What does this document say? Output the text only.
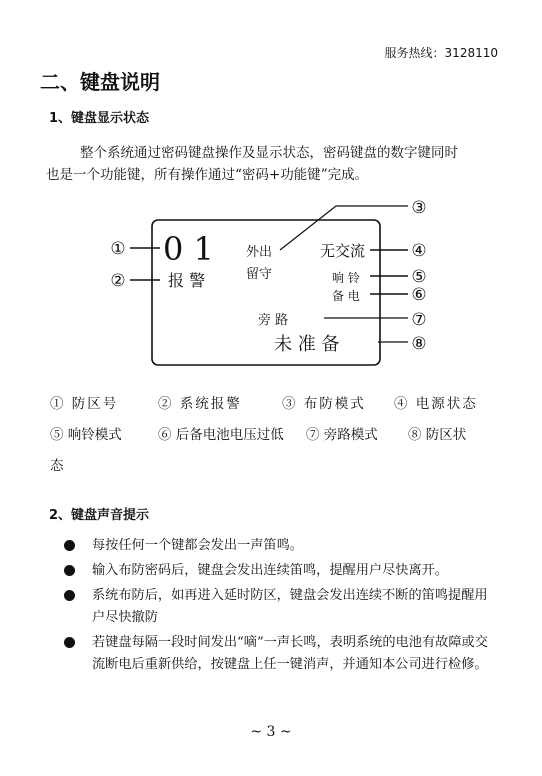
服务热线：3128110
二、键盘说明
1、键盘显示状态

整个系统通过密码键盘操作及显示状态，密码键盘的数字键同时

也是一个功能键，所有操作通过“密码+功能键”完成。

①
②
③
④
⑤
⑥
⑦
⑧
0 1
报 警
外出
留守
无交流
响 铃
备 电
旁 路
未 准 备
① 防区号	② 系统报警	③ 布防模式 ④ 电源状态
⑤ 响铃模式	⑥ 后备电池电压过低 ⑦ 旁路模式 ⑧ 防区状
态
2、键盘声音提示

每按任何一个键都会发出一声笛鸣。

输入布防密码后，键盘会发出连续笛鸣，提醒用户尽快离开。

系统布防后，如再进入延时防区，键盘会发出连续不断的笛鸣提醒用户尽快撤防

若键盘每隔一段时间发出“嘀”一声长鸣，表明系统的电池有故障或交流断电后重新供给，按键盘上任一键消声，并通知本公司进行检修。

~ 3 ~
